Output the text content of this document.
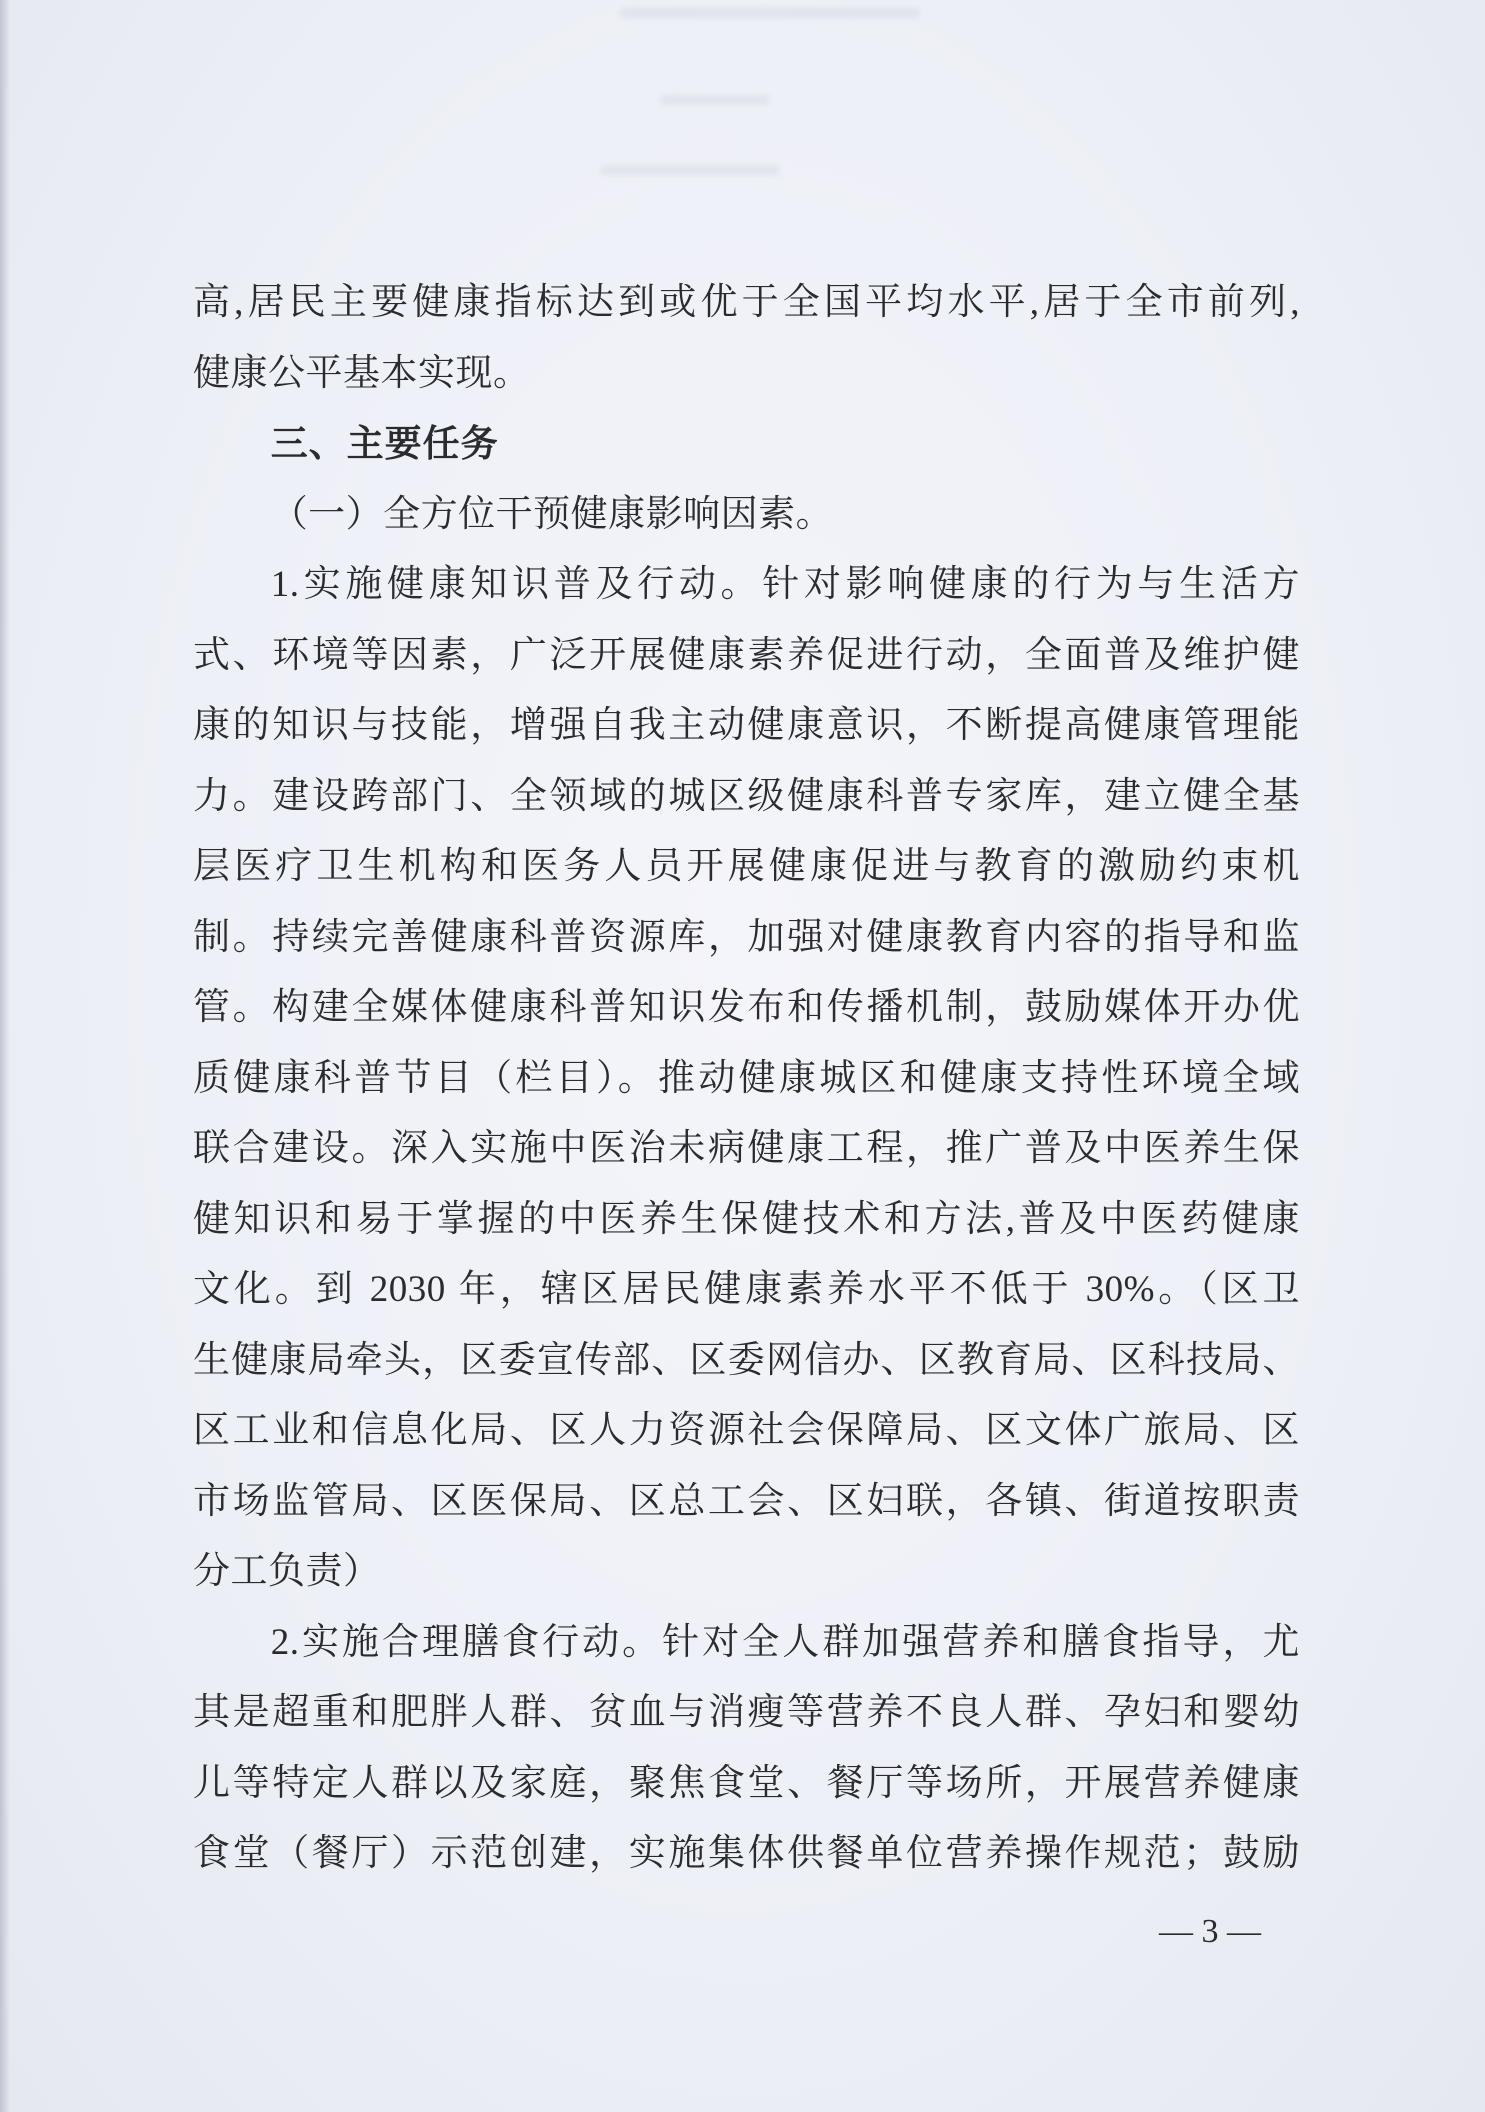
高,居民主要健康指标达到或优于全国平均水平,居于全市前列,
健康公平基本实现。
三、主要任务
（一）全方位干预健康影响因素。
1.实施健康知识普及行动。针对影响健康的行为与生活方
式、环境等因素，广泛开展健康素养促进行动，全面普及维护健
康的知识与技能，增强自我主动健康意识，不断提高健康管理能
力。建设跨部门、全领域的城区级健康科普专家库，建立健全基
层医疗卫生机构和医务人员开展健康促进与教育的激励约束机
制。持续完善健康科普资源库，加强对健康教育内容的指导和监
管。构建全媒体健康科普知识发布和传播机制，鼓励媒体开办优
质健康科普节目（栏目）。推动健康城区和健康支持性环境全域
联合建设。深入实施中医治未病健康工程，推广普及中医养生保
健知识和易于掌握的中医养生保健技术和方法,普及中医药健康
文化。到 2030 年，辖区居民健康素养水平不低于 30%。（区卫
生健康局牵头，区委宣传部、区委网信办、区教育局、区科技局、
区工业和信息化局、区人力资源社会保障局、区文体广旅局、区
市场监管局、区医保局、区总工会、区妇联，各镇、街道按职责
分工负责）
2.实施合理膳食行动。针对全人群加强营养和膳食指导，尤
其是超重和肥胖人群、贫血与消瘦等营养不良人群、孕妇和婴幼
儿等特定人群以及家庭，聚焦食堂、餐厅等场所，开展营养健康
食堂（餐厅）示范创建，实施集体供餐单位营养操作规范；鼓励
— 3 —
